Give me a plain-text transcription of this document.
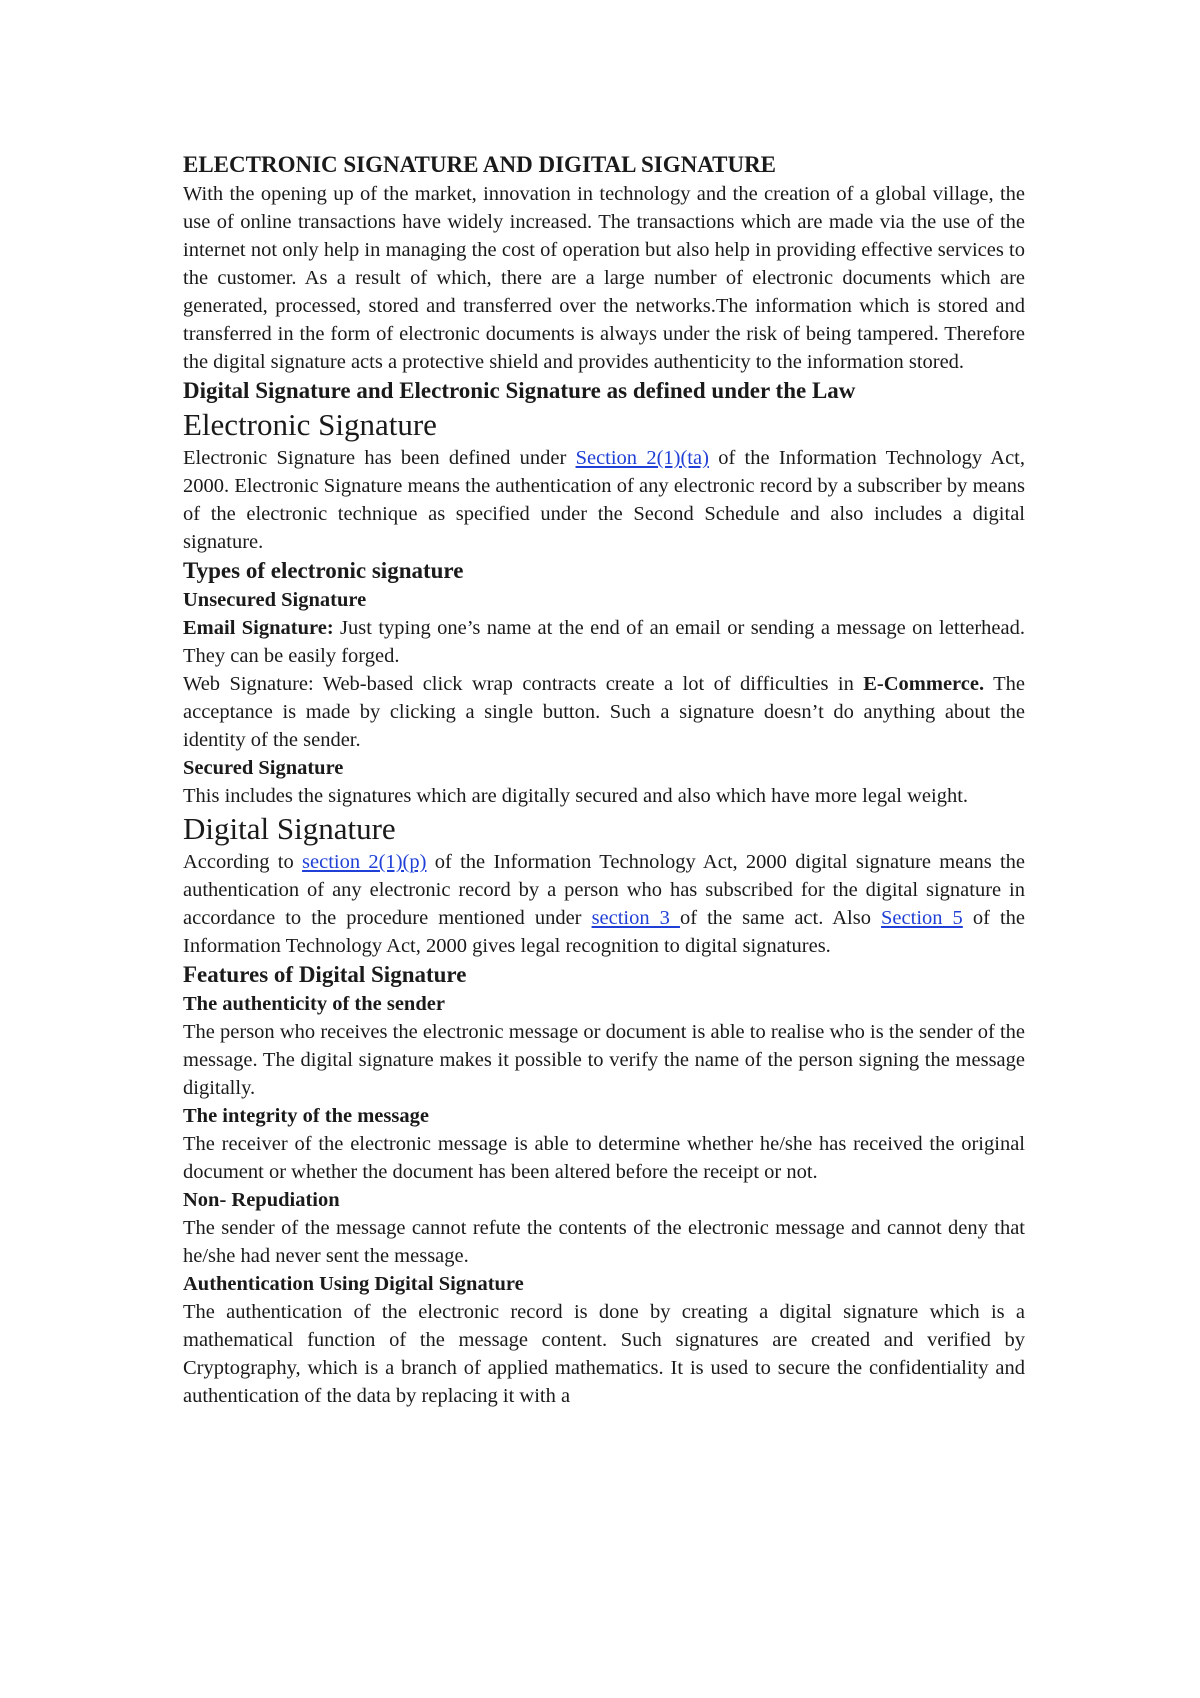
ELECTRONIC SIGNATURE AND DIGITAL SIGNATURE

With the opening up of the market, innovation in technology and the creation of a global village, the use of online transactions have widely increased. The transactions which are made via the use of the internet not only help in managing the cost of operation but also help in providing effective services to the customer. As a result of which, there are a large number of electronic documents which are generated, processed, stored and transferred over the networks.The information which is stored and transferred in the form of electronic documents is always under the risk of being tampered. Therefore the digital signature acts a protective shield and provides authenticity to the information stored.

Digital Signature and Electronic Signature as defined under the Law
Electronic Signature

Electronic Signature has been defined under Section 2(1)(ta) of the Information Technology Act, 2000. Electronic Signature means the authentication of any electronic record by a subscriber by means of the electronic technique as specified under the Second Schedule and also includes a digital signature.

Types of electronic signature
Unsecured Signature

Email Signature: Just typing one’s name at the end of an email or sending a message on letterhead. They can be easily forged.

Web Signature: Web-based click wrap contracts create a lot of difficulties in E-Commerce. The acceptance is made by clicking a single button. Such a signature doesn’t do anything about the identity of the sender.

Secured Signature

This includes the signatures which are digitally secured and also which have more legal weight.

Digital Signature

According to section 2(1)(p) of the Information Technology Act, 2000 digital signature means the authentication of any electronic record by a person who has subscribed for the digital signature in accordance to the procedure mentioned under section 3 of the same act. Also Section 5 of the Information Technology Act, 2000 gives legal recognition to digital signatures.

Features of Digital Signature
The authenticity of the sender

The person who receives the electronic message or document is able to realise who is the sender of the message. The digital signature makes it possible to verify the name of the person signing the message digitally.

The integrity of the message

The receiver of the electronic message is able to determine whether he/she has received the original document or whether the document has been altered before the receipt or not.

Non- Repudiation

The sender of the message cannot refute the contents of the electronic message and cannot deny that he/she had never sent the message.

Authentication Using Digital Signature

The authentication of the electronic record is done by creating a digital signature which is a mathematical function of the message content. Such signatures are created and verified by Cryptography, which is a branch of applied mathematics. It is used to secure the confidentiality and authentication of the data by replacing it with a
